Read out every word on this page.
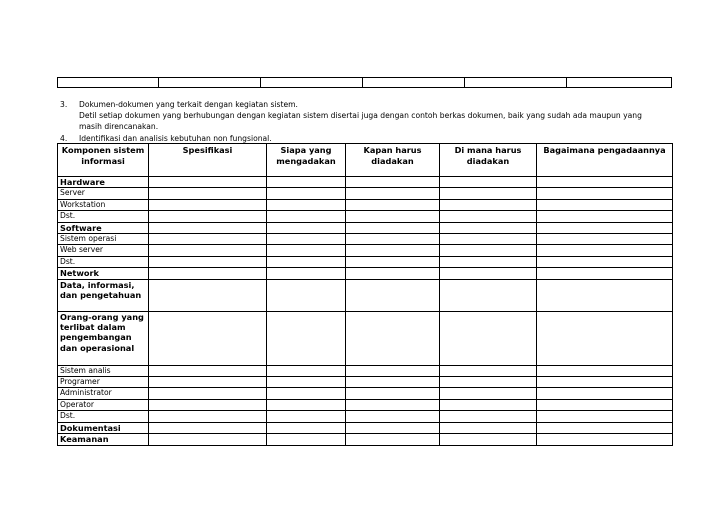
3. Dokumen-dokumen yang terkait dengan kegiatan sistem.
Detil setiap dokumen yang berhubungan dengan kegiatan sistem disertai juga dengan contoh berkas dokumen, baik yang sudah ada maupun yang masih direncanakan.
4. Identifikasi dan analisis kebutuhan non fungsional.
Komponen sistem informasi	Spesifikasi	Siapa yang mengadakan	Kapan harus diadakan	Di mana harus diadakan	Bagaimana pengadaannya
Hardware					
Server					
Workstation					
Dst.					
Software					
Sistem operasi					
Web server					
Dst.					
Network					
Data, informasi, dan pengetahuan					
Orang-orang yang terlibat dalam pengembangan dan operasional					
Sistem analis					
Programer					
Administrator					
Operator					
Dst.					
Dokumentasi					
Keamanan					
